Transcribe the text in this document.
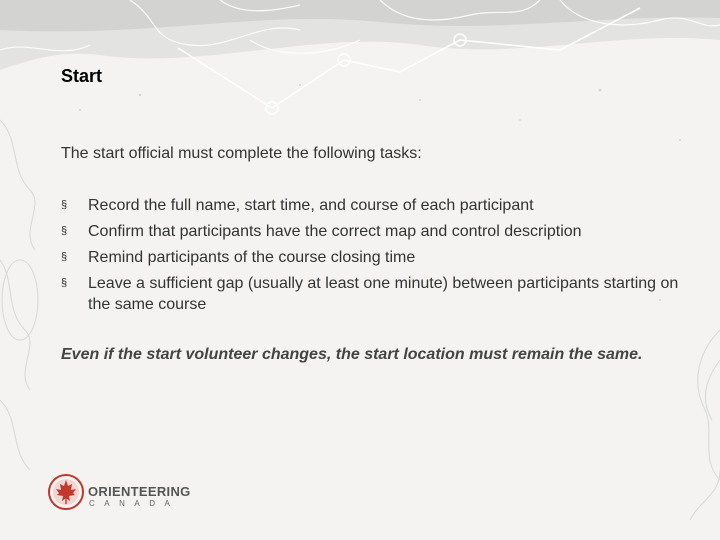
Start
The start official must complete the following tasks:
§ Record the full name, start time, and course of each participant
§ Confirm that participants have the correct map and control description
§ Remind participants of the course closing time
§ Leave a sufficient gap (usually at least one minute) between participants starting on the same course
Even if the start volunteer changes, the start location must remain the same.
ORIENTEERING
CANADA
